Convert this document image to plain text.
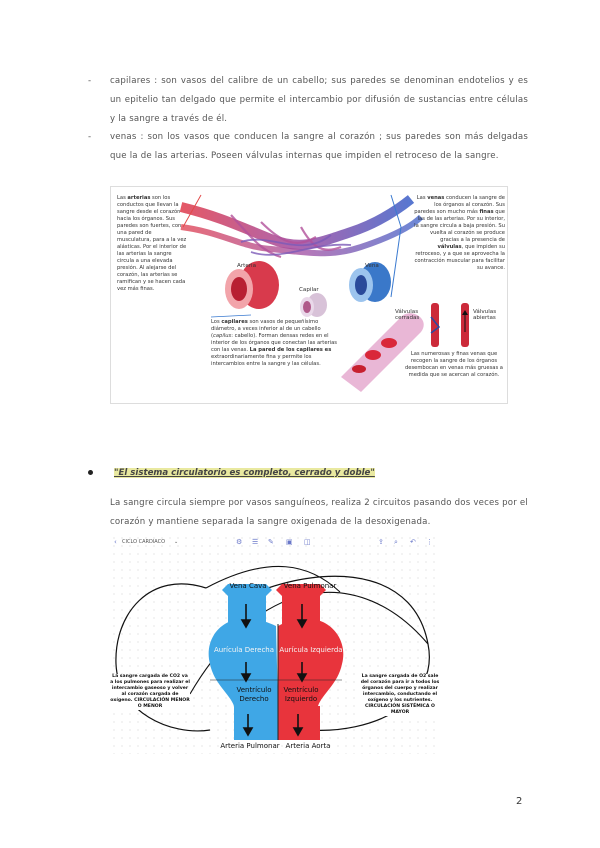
-	capilares : son vasos del calibre de un cabello; sus paredes se denominan endotelios y es un epitelio tan delgado que permite el intercambio por difusión de sustancias entre células y la sangre a través de él.
-	venas : son los vasos que conducen la sangre al corazón ; sus paredes son más delgadas que la de las arterias. Poseen válvulas internas que impiden el retroceso de la sangre.
Las arterias son los conductos que llevan la sangre desde el corazón hacia los órganos. Sus paredes son fuertes, con una pared de musculatura, para a la vez alásticas. Por el interior de las arterias la sangre circula a una elevada presión. Al alejarse del corazón, las arterias se ramifican y se hacen cada vez más finas.
Las venas conducen la sangre de los órganos al corazón. Sus paredes son mucho más finas que las de las arterias. Por su interior, la sangre circula a baja presión. Su vuelta al corazón se produce gracias a la presencia de válvulas, que impiden su retroceso, y a que se aprovecha la contracción muscular para facilitar su avance.
Los capilares son vasos de pequeñísimo diámetro, a veces inferior al de un cabello (capilus: cabello). Forman densas redes en el interior de los órganos que conectan las arterias con las venas. La pared de los capilares es extraordinariamente fina y permite los intercambios entre la sangre y las células.
Las numerosas y finas venas que recogen la sangre de los órganos desembocan en venas más gruesas a medida que se acercan al corazón.
Arteria
Capilar
Vena
Válvulas cerradas
Válvulas abiertas
"El sistema circulatorio es completo, cerrado y doble"
La sangre circula siempre por vasos sanguíneos, realiza 2 circuitos pasando dos veces por el corazón y mantiene separada la sangre oxigenada de la desoxigenada.
‹ CICLO CARDIACO ⌄	⚙ ☰ ✎ ▣ ◫	⇪ ⌕ ↶ ⋮
Vena Cava	Vena Pulmonar
Aurícula Derecha Aurícula Izquierda
Ventrículo Derecho
Ventrículo Izquierdo
Arteria Pulmonar Arteria Aorta
La sangre cargada de CO2 va a los pulmones para realizar el intercambio gaseoso y volver al corazón cargada de oxígeno. CIRCULACIÓN MENOR O MENOR
La sangre cargada de O2 sale del corazón para ir a todos los órganos del cuerpo y realizar intercambio, conductando el oxígeno y los nutrientes. CIRCULACIÓN SISTÉMICA O MAYOR
2
